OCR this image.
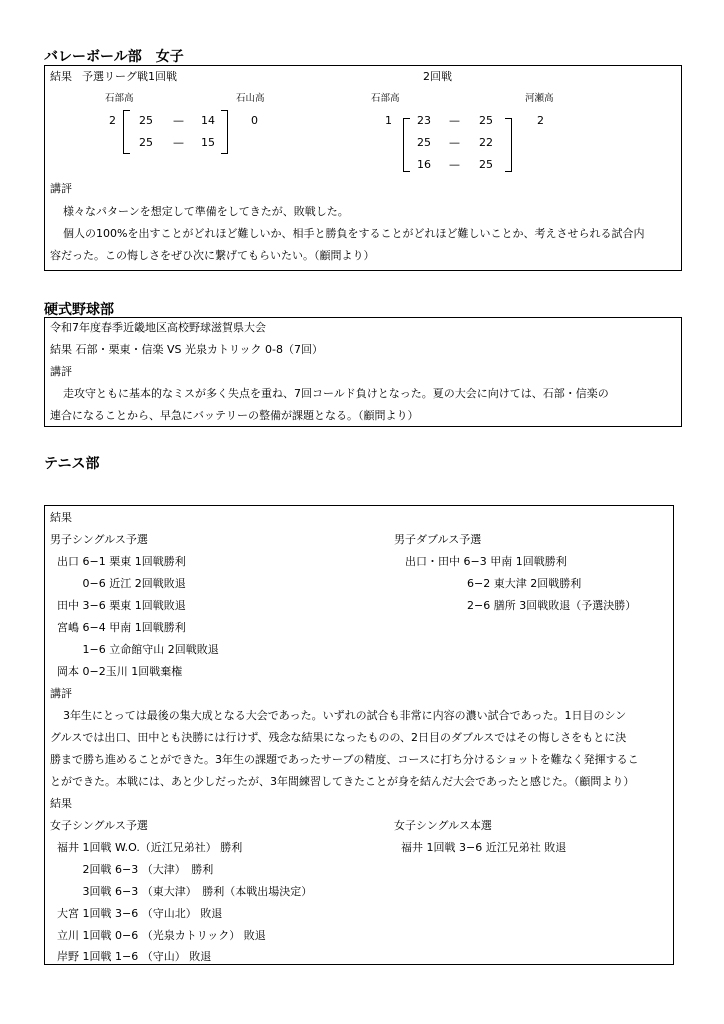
バレーボール部　女子
結果 予選リーグ戦1回戦	2回戦
石部高	石山高
2	0
25 — 14
25 — 15
石部高	河瀬高
1	2
23 — 25
25 — 22
16 — 25
講評
様々なパターンを想定して準備をしてきたが、敗戦した。
個人の100%を出すことがどれほど難しいか、相手と勝負をすることがどれほど難しいことか、考えさせられる試合内
容だった。この悔しさをぜひ次に繋げてもらいたい。（顧問より）
硬式野球部
令和7年度春季近畿地区高校野球滋賀県大会
結果 石部・栗東・信楽 VS 光泉カトリック 0-8（7回）
講評
走攻守ともに基本的なミスが多く失点を重ね、7回コールド負けとなった。夏の大会に向けては、石部・信楽の
連合になることから、早急にバッテリーの整備が課題となる。（顧問より）
テニス部
結果
男子シングルス予選
出口 6−1 栗東 1回戦勝利
　　 0−6 近江 2回戦敗退
田中 3−6 栗東 1回戦敗退
宮嶋 6−4 甲南 1回戦勝利
　　 1−6 立命館守山 2回戦敗退
岡本 0−2玉川 1回戦棄権
男子ダブルス予選
出口・田中 6−3 甲南 1回戦勝利
6−2 東大津 2回戦勝利
2−6 膳所 3回戦敗退（予選決勝）
講評
3年生にとっては最後の集大成となる大会であった。いずれの試合も非常に内容の濃い試合であった。1日目のシン
グルスでは出口、田中とも決勝には行けず、残念な結果になったものの、2日目のダブルスではその悔しさをもとに決
勝まで勝ち進めることができた。3年生の課題であったサーブの精度、コースに打ち分けるショットを難なく発揮するこ
とができた。本戦には、あと少しだったが、3年間練習してきたことが身を結んだ大会であったと感じた。（顧問より）
結果
女子シングルス予選
福井 1回戦 W.O.（近江兄弟社） 勝利
　　 2回戦 6−3 （大津）　勝利
　　 3回戦 6−3 （東大津）　勝利（本戦出場決定）
大宮 1回戦 3−6 （守山北） 敗退
立川 1回戦 0−6 （光泉カトリック） 敗退
岸野 1回戦 1−6 （守山） 敗退
女子シングルス本選
福井 1回戦 3−6 近江兄弟社 敗退
